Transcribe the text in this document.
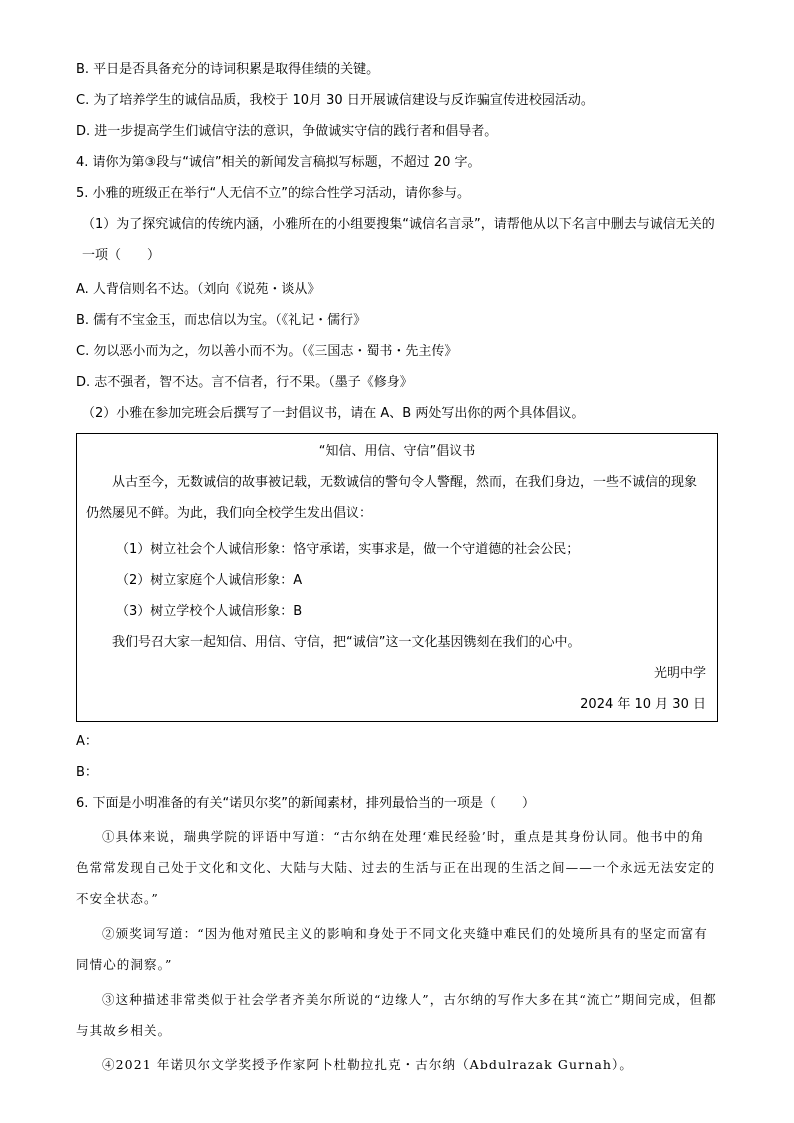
B. 平日是否具备充分的诗词积累是取得佳绩的关键。
C. 为了培养学生的诚信品质，我校于 10月 30 日开展诚信建设与反诈骗宣传进校园活动。
D. 进一步提高学生们诚信守法的意识，争做诚实守信的践行者和倡导者。
4. 请你为第③段与“诚信”相关的新闻发言稿拟写标题，不超过 20 字。
5. 小雅的班级正在举行“人无信不立”的综合性学习活动，请你参与。
（1）为了探究诚信的传统内涵，小雅所在的小组要搜集“诚信名言录”，请帮他从以下名言中删去与诚信无关的一项（　　）
A. 人背信则名不达。（刘向《说苑・谈从》
B. 儒有不宝金玉，而忠信以为宝。（《礼记・儒行》
C. 勿以恶小而为之，勿以善小而不为。（《三国志・蜀书・先主传》
D. 志不强者，智不达。言不信者，行不果。（墨子《修身》
（2）小雅在参加完班会后撰写了一封倡议书，请在 A、B 两处写出你的两个具体倡议。
“知信、用信、守信”倡议书
从古至今，无数诚信的故事被记载，无数诚信的警句令人警醒，然而，在我们身边，一些不诚信的现象仍然屡见不鲜。为此，我们向全校学生发出倡议：
（1）树立社会个人诚信形象：恪守承诺，实事求是，做一个守道德的社会公民；
（2）树立家庭个人诚信形象：A
（3）树立学校个人诚信形象：B
我们号召大家一起知信、用信、守信，把“诚信”这一文化基因镌刻在我们的心中。
光明中学
2024 年 10 月 30 日
A：
B：
6. 下面是小明准备的有关“诺贝尔奖”的新闻素材，排列最恰当的一项是（　　）
①具体来说，瑞典学院的评语中写道：“古尔纳在处理‘难民经验’时，重点是其身份认同。他书中的角色常常发现自己处于文化和文化、大陆与大陆、过去的生活与正在出现的生活之间——一个永远无法安定的不安全状态。”
②颁奖词写道：“因为他对殖民主义的影响和身处于不同文化夹缝中难民们的处境所具有的坚定而富有同情心的洞察。”
③这种描述非常类似于社会学者齐美尔所说的“边缘人”，古尔纳的写作大多在其“流亡”期间完成，但都与其故乡相关。
④2021 年诺贝尔文学奖授予作家阿卜杜勒拉扎克・古尔纳（Abdulrazak Gurnah）。
